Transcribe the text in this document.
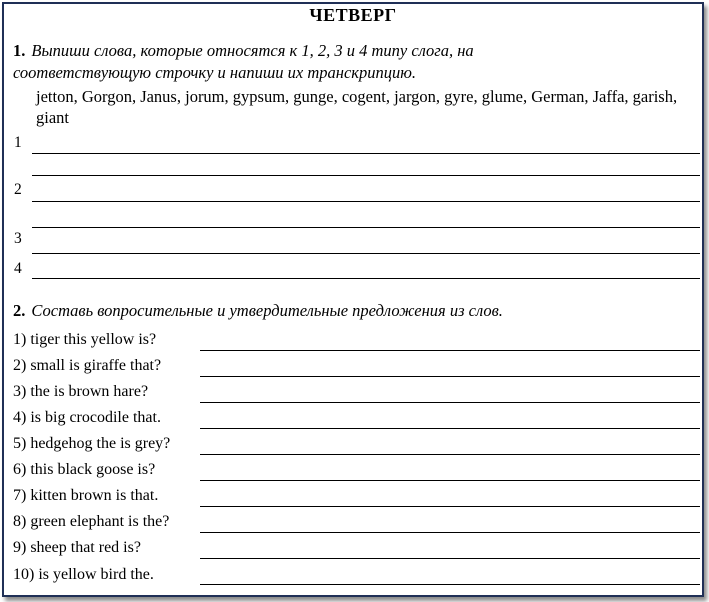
ЧЕТВЕРГ
1. Выпиши слова, которые относятся к 1, 2, 3 и 4 типу слога, на соответствующую строчку и напиши их транскрипцию.
jetton, Gorgon, Janus, jorum, gypsum, gunge, cogent, jargon, gyre, glume, German, Jaffa, garish, giant
1
2
3
4
2. Составь вопросительные и утвердительные предложения из слов.
1) tiger this yellow is?
2) small is giraffe that?
3) the is brown hare?
4) is big crocodile that.
5) hedgehog the is grey?
6) this black goose is?
7) kitten brown is that.
8) green elephant is the?
9) sheep that red is?
10) is yellow bird the.
